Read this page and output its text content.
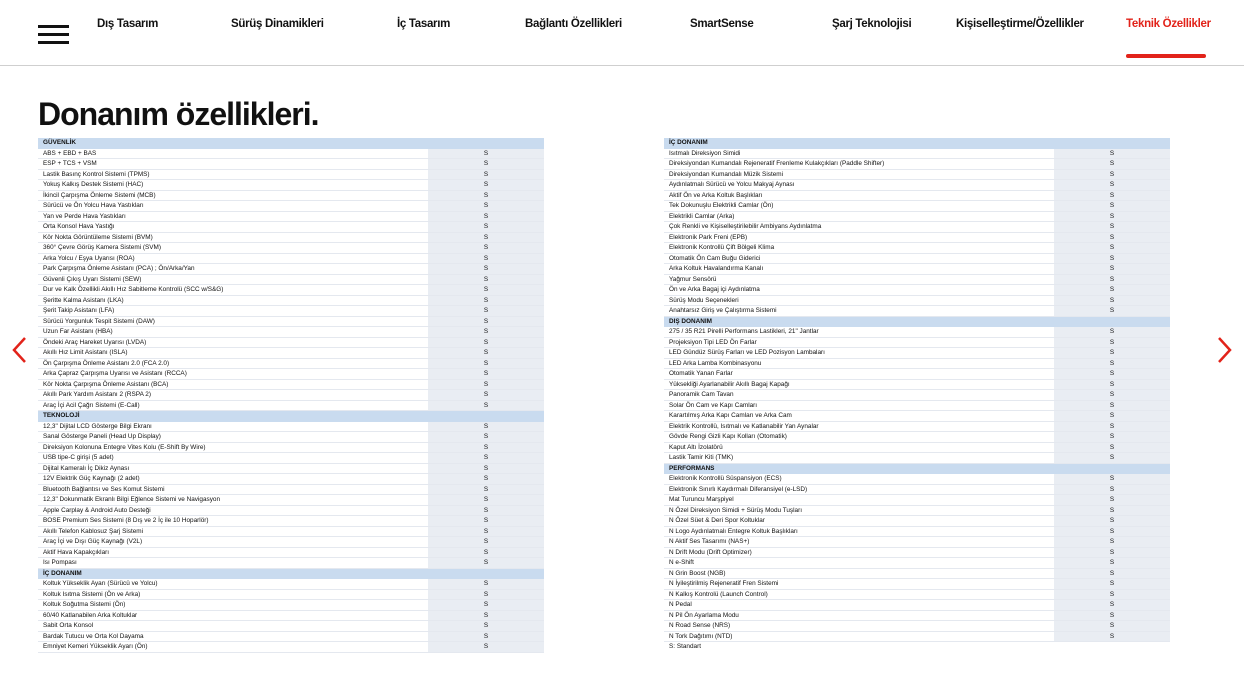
Dış Tasarım	Sürüş Dinamikleri	İç Tasarım	Bağlantı Özellikleri	SmartSense	Şarj Teknolojisi	Kişiselleştirme/Özellikler	Teknik Özellikler
Donanım özellikleri.
GÜVENLİK
ABS + EBD + BAS	S
ESP + TCS + VSM	S
Lastik Basınç Kontrol Sistemi (TPMS)	S
Yokuş Kalkış Destek Sistemi (HAC)	S
İkincil Çarpışma Önleme Sistemi (MCB)	S
Sürücü ve Ön Yolcu Hava Yastıkları	S
Yan ve Perde Hava Yastıkları	S
Orta Konsol Hava Yastığı	S
Kör Nokta Görüntüleme Sistemi (BVM)	S
360° Çevre Görüş Kamera Sistemi (SVM)	S
Arka Yolcu / Eşya Uyarısı (ROA)	S
Park Çarpışma Önleme Asistanı (PCA) ; Ön/Arka/Yan	S
Güvenli Çıkış Uyarı Sistemi (SEW)	S
Dur ve Kalk Özellikli Akıllı Hız Sabitleme Kontrolü (SCC w/S&G)	S
Şeritte Kalma Asistanı (LKA)	S
Şerit Takip Asistanı (LFA)	S
Sürücü Yorgunluk Tespit Sistemi (DAW)	S
Uzun Far Asistanı (HBA)	S
Öndeki Araç Hareket Uyarısı (LVDA)	S
Akıllı Hız Limit Asistanı (ISLA)	S
Ön Çarpışma Önleme Asistanı 2.0 (FCA 2.0)	S
Arka Çapraz Çarpışma Uyarısı ve Asistanı (RCCA)	S
Kör Nokta Çarpışma Önleme Asistanı (BCA)	S
Akıllı Park Yardım Asistanı 2 (RSPA 2)	S
Araç İçi Acil Çağrı Sistemi (E-Call)	S
TEKNOLOJİ
12,3" Dijital LCD Gösterge Bilgi Ekranı	S
Sanal Gösterge Paneli (Head Up Display)	S
Direksiyon Kolonuna Entegre Vites Kolu (E-Shift By Wire)	S
USB tipe-C girişi (5 adet)	S
Dijital Kameralı İç Dikiz Aynası	S
12V Elektrik Güç Kaynağı (2 adet)	S
Bluetooth Bağlantısı ve Ses Komut Sistemi	S
12,3" Dokunmatik Ekranlı Bilgi Eğlence Sistemi ve Navigasyon	S
Apple Carplay & Android Auto Desteği	S
BOSE Premium Ses Sistemi (8 Dış ve 2 İç ile 10 Hoparlör)	S
Akıllı Telefon Kablosuz Şarj Sistemi	S
Araç İçi ve Dışı Güç Kaynağı (V2L)	S
Aktif Hava Kapakçıkları	S
Isı Pompası	S
İÇ DONANIM
Koltuk Yükseklik Ayarı (Sürücü ve Yolcu)	S
Koltuk Isıtma Sistemi (Ön ve Arka)	S
Koltuk Soğutma Sistemi (Ön)	S
60/40 Katlanabilen Arka Koltuklar	S
Sabit Orta Konsol	S
Bardak Tutucu ve Orta Kol Dayama	S
Emniyet Kemeri Yükseklik Ayarı (Ön)	S
İÇ DONANIM
Isıtmalı Direksiyon Simidi	S
Direksiyondan Kumandalı Rejeneratif Frenleme Kulakçıkları (Paddle Shifter)	S
Direksiyondan Kumandalı Müzik Sistemi	S
Aydınlatmalı Sürücü ve Yolcu Makyaj Aynası	S
Aktif Ön ve Arka Koltuk Başlıkları	S
Tek Dokunuşlu Elektrikli Camlar (Ön)	S
Elektrikli Camlar (Arka)	S
Çok Renkli ve Kişiselleştirilebilir Ambiyans Aydınlatma	S
Elektronik Park Freni (EPB)	S
Elektronik Kontrollü Çift Bölgeli Klima	S
Otomatik Ön Cam Buğu Giderici	S
Arka Koltuk Havalandırma Kanalı	S
Yağmur Sensörü	S
Ön ve Arka Bagaj içi Aydınlatma	S
Sürüş Modu Seçenekleri	S
Anahtarsız Giriş ve Çalıştırma Sistemi	S
DIŞ DONANIM
275 / 35 R21 Pirelli Performans Lastikleri, 21" Jantlar	S
Projeksiyon Tipi LED Ön Farlar	S
LED Gündüz Sürüş Farları ve LED Pozisyon Lambaları	S
LED Arka Lamba Kombinasyonu	S
Otomatik Yanan Farlar	S
Yüksekliği Ayarlanabilir Akıllı Bagaj Kapağı	S
Panoramik Cam Tavan	S
Solar Ön Cam ve Kapı Camları	S
Karartılmış Arka Kapı Camları ve Arka Cam	S
Elektrik Kontrollü, Isıtmalı ve Katlanabilir Yan Aynalar	S
Gövde Rengi Gizli Kapı Kolları (Otomatik)	S
Kaput Altı İzolatörü	S
Lastik Tamir Kiti (TMK)	S
PERFORMANS
Elektronik Kontrollü Süspansiyon (ECS)	S
Elektronik Sınırlı Kaydırmalı Diferansiyel (e-LSD)	S
Mat Turuncu Marşpiyel	S
N Özel Direksiyon Simidi + Sürüş Modu Tuşları	S
N Özel Süet & Deri Spor Koltuklar	S
N Logo Aydınlatmalı Entegre Koltuk Başlıkları	S
N Aktif Ses Tasarımı (NAS+)	S
N Drift Modu (Drift Optimizer)	S
N e-Shift	S
N Grin Boost (NGB)	S
N İyileştirilmiş Rejeneratif Fren Sistemi	S
N Kalkış Kontrolü (Launch Control)	S
N Pedal	S
N Pil Ön Ayarlama Modu	S
N Road Sense (NRS)	S
N Tork Dağıtımı (NTD)	S
S: Standart
